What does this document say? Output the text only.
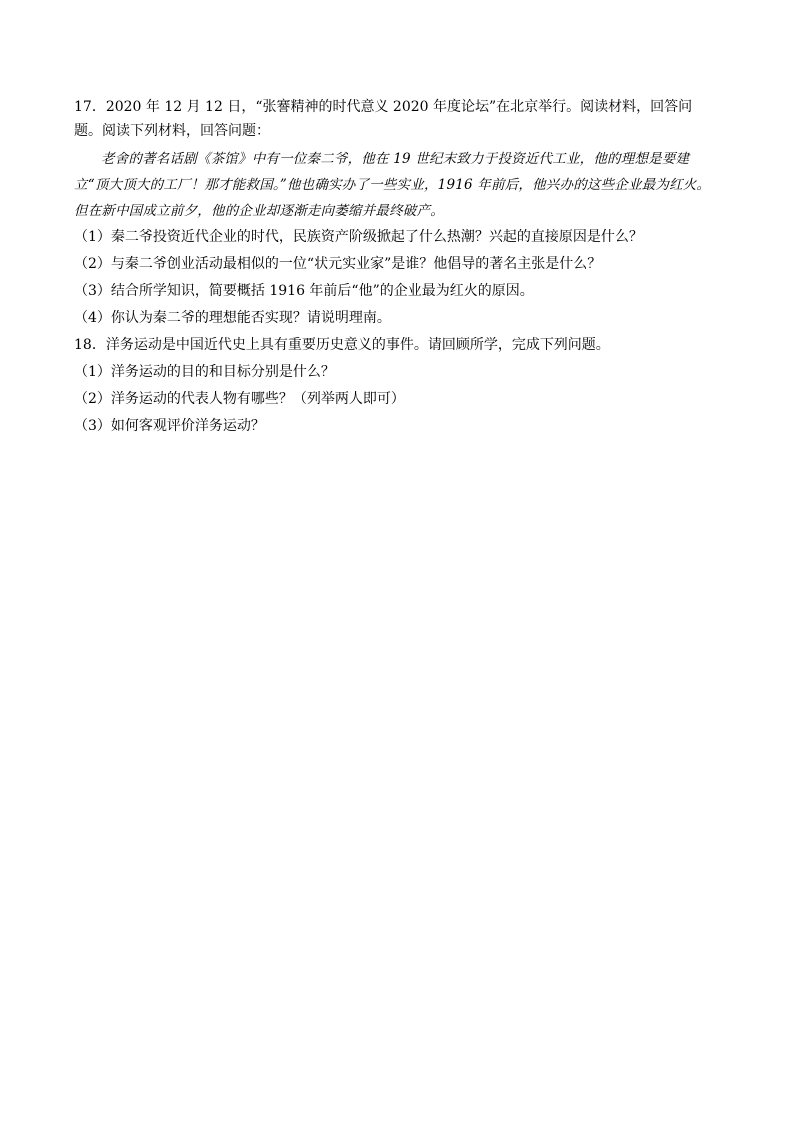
17．2020 年 12 月 12 日，“张謇精神的时代意义 2020 年度论坛”在北京举行。阅读材料，回答问题。阅读下列材料，回答问题：

老舍的著名话剧《茶馆》中有一位秦二爷，他在 19 世纪末致力于投资近代工业，他的理想是要建立“顶大顶大的工厂！那才能救国。”他也确实办了一些实业，1916 年前后，他兴办的这些企业最为红火。但在新中国成立前夕，他的企业却逐渐走向萎缩并最终破产。

（1）秦二爷投资近代企业的时代，民族资产阶级掀起了什么热潮？兴起的直接原因是什么？

（2）与秦二爷创业活动最相似的一位“状元实业家”是谁？他倡导的著名主张是什么？

（3）结合所学知识，简要概括 1916 年前后“他”的企业最为红火的原因。

（4）你认为秦二爷的理想能否实现？请说明理南。

18．洋务运动是中国近代史上具有重要历史意义的事件。请回顾所学，完成下列问题。

（1）洋务运动的目的和目标分别是什么？

（2）洋务运动的代表人物有哪些？（列举两人即可）

（3）如何客观评价洋务运动？
